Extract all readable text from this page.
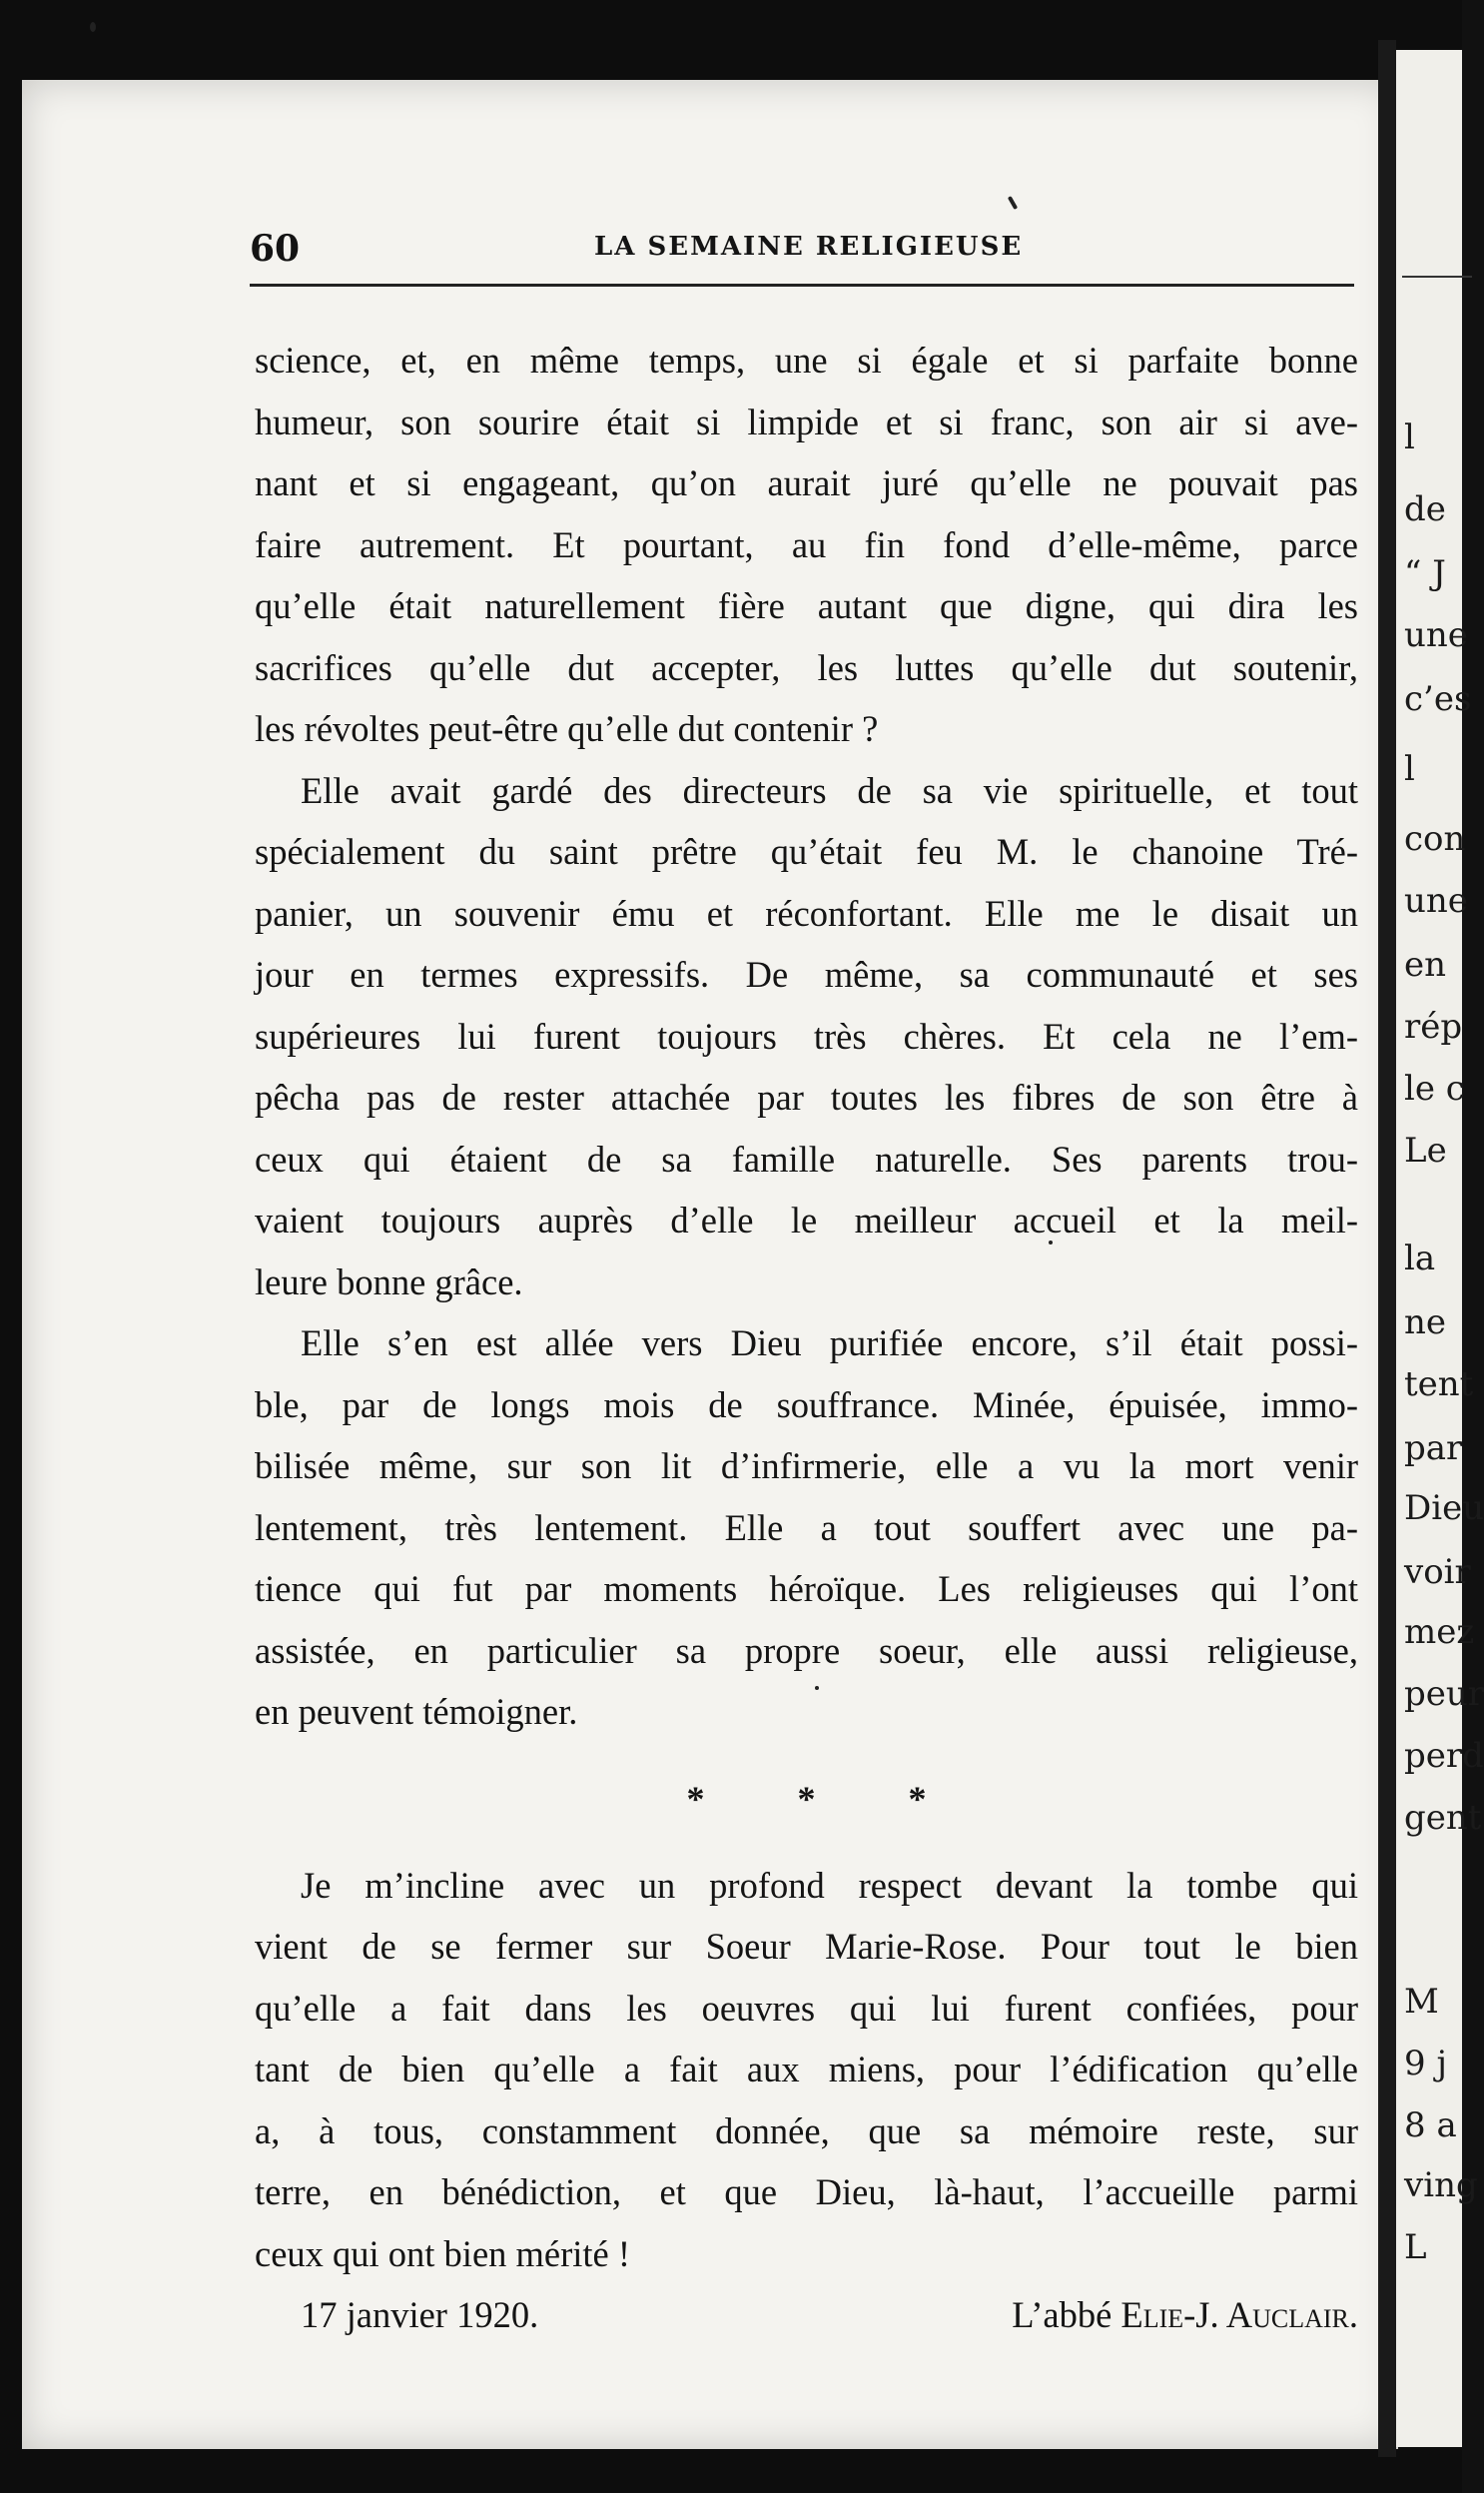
l
de
“ J
une
c’es
l
con
une
en
rép
le c
Le
la
ne
tent
par
Dieu
voir
mez
peur
perd
gent
M
9 j
8 a
ving
L
60	LA SEMAINE RELIGIEUSE
science, et, en même temps, une si égale et si parfaite bonne
humeur, son sourire était si limpide et si franc, son air si ave-
nant et si engageant, qu’on aurait juré qu’elle ne pouvait pas
faire autrement. Et pourtant, au fin fond d’elle-même, parce
qu’elle était naturellement fière autant que digne, qui dira les
sacrifices qu’elle dut accepter, les luttes qu’elle dut soutenir,
les révoltes peut-être qu’elle dut contenir ?
Elle avait gardé des directeurs de sa vie spirituelle, et tout
spécialement du saint prêtre qu’était feu M. le chanoine Tré-
panier, un souvenir ému et réconfortant. Elle me le disait un
jour en termes expressifs. De même, sa communauté et ses
supérieures lui furent toujours très chères. Et cela ne l’em-
pêcha pas de rester attachée par toutes les fibres de son être à
ceux qui étaient de sa famille naturelle. Ses parents trou-
vaient toujours auprès d’elle le meilleur accueil et la meil-
leure bonne grâce.
Elle s’en est allée vers Dieu purifiée encore, s’il était possi-
ble, par de longs mois de souffrance. Minée, épuisée, immo-
bilisée même, sur son lit d’infirmerie, elle a vu la mort venir
lentement, très lentement. Elle a tout souffert avec une pa-
tience qui fut par moments héroïque. Les religieuses qui l’ont
assistée, en particulier sa propre soeur, elle aussi religieuse,
en peuvent témoigner.
* * *
Je m’incline avec un profond respect devant la tombe qui
vient de se fermer sur Soeur Marie-Rose. Pour tout le bien
qu’elle a fait dans les oeuvres qui lui furent confiées, pour
tant de bien qu’elle a fait aux miens, pour l’édification qu’elle
a, à tous, constamment donnée, que sa mémoire reste, sur
terre, en bénédiction, et que Dieu, là-haut, l’accueille parmi
ceux qui ont bien mérité !
17 janvier 1920.	L’abbé Elie-J. Auclair.
